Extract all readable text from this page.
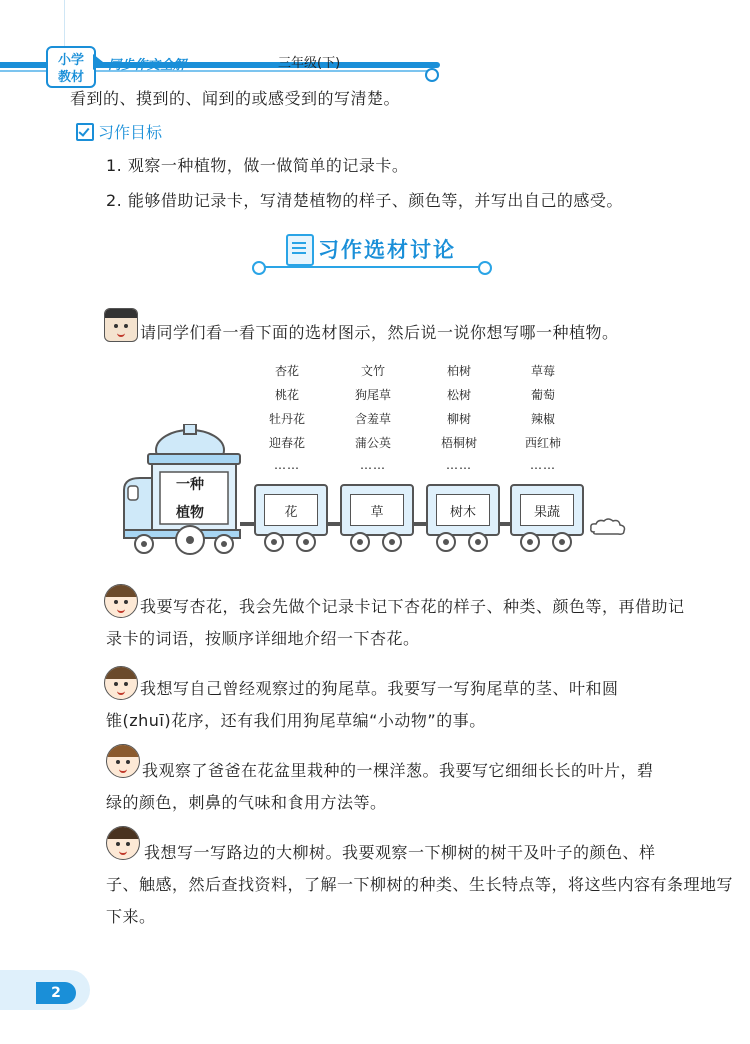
小学
教材
同步作文全解	三年级(下)
看到的、摸到的、闻到的或感受到的写清楚。
习作目标
1. 观察一种植物，做一做简单的记录卡。
2. 能够借助记录卡，写清楚植物的样子、颜色等，并写出自己的感受。
习作选材讨论
请同学们看一看下面的选材图示，然后说一说你想写哪一种植物。
杏花
桃花
牡丹花
迎春花
……
文竹
狗尾草
含羞草
蒲公英
……
柏树
松树
柳树
梧桐树
……
草莓
葡萄
辣椒
西红柿
……
一种
植物	花	草	树木	果蔬
我要写杏花，我会先做个记录卡记下杏花的样子、种类、颜色等，再借助记
录卡的词语，按顺序详细地介绍一下杏花。
我想写自己曾经观察过的狗尾草。我要写一写狗尾草的茎、叶和圆
锥(zhuī)花序，还有我们用狗尾草编“小动物”的事。
我观察了爸爸在花盆里栽种的一棵洋葱。我要写它细细长长的叶片，碧
绿的颜色，刺鼻的气味和食用方法等。
我想写一写路边的大柳树。我要观察一下柳树的树干及叶子的颜色、样
子、触感，然后查找资料，了解一下柳树的种类、生长特点等，将这些内容有条理地写
下来。
2
